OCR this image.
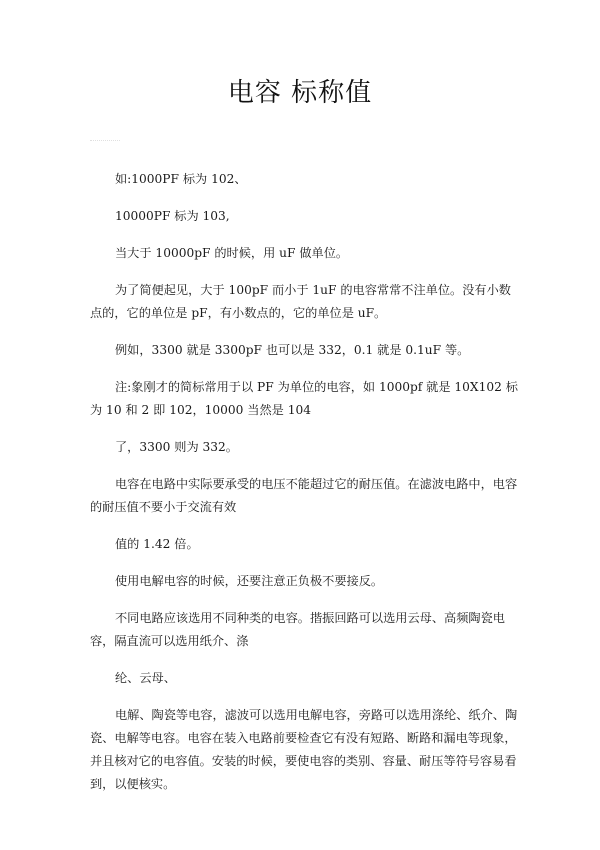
电容 标称值

如:1000PF 标为 102、

10000PF 标为 103,

当大于 10000pF 的时候，用 uF 做单位。

为了简便起见，大于 100pF 而小于 1uF 的电容常常不注单位。没有小数点的，它的单位是 pF，有小数点的，它的单位是 uF。

例如，3300 就是 3300pF 也可以是 332，0.1 就是 0.1uF 等。

注:象刚才的简标常用于以 PF 为单位的电容，如 1000pf 就是 10X102 标为 10 和 2 即 102，10000 当然是 104

了，3300 则为 332。

电容在电路中实际要承受的电压不能超过它的耐压值。在滤波电路中，电容的耐压值不要小于交流有效

值的 1.42 倍。

使用电解电容的时候，还要注意正负极不要接反。

不同电路应该选用不同种类的电容。揩振回路可以选用云母、高频陶瓷电容，隔直流可以选用纸介、涤

纶、云母、

电解、陶瓷等电容，滤波可以选用电解电容，旁路可以选用涤纶、纸介、陶瓷、电解等电容。电容在装入电路前要检查它有没有短路、断路和漏电等现象，并且核对它的电容值。安装的时候，要使电容的类别、容量、耐压等符号容易看到，以便核实。
